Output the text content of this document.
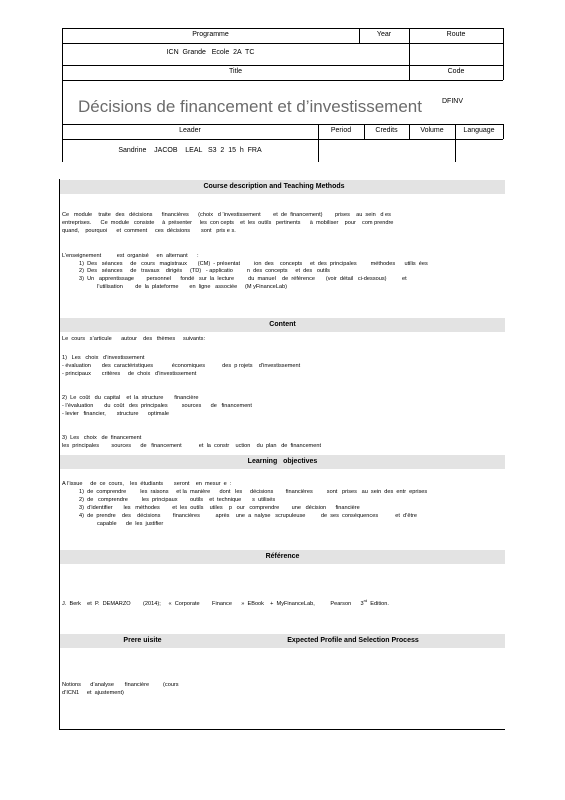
Programme	Year	Route
ICN  Grande   Ecole  2A  TC
Title	Code
Décisions de financement et d’investissement	DFINV
Leader	Period	Credits	Volume	Language
Sandrine    JACOB    LEAL   S3  2  15  h  FRA
Course description and Teaching Methods
Ce   module    traite   des   décisions      financières      (choix   d ’investissement        et  de  financement)        prises    au  sein   d es
entreprises.      Ce  module   consiste     à  présenter     les  con cepts    et  les  outils   pertinents      à  mobiliser    pour    com prendre
quand,    pourquoi      et  comment     ces  décisions       sont   pris e s.
L’enseignement          est  organisé     en  alternant      :
1)  Des   séances     de   cours   magistraux       (CM)  - présentat         ion  des    concepts     et  des  principales         méthodes      utilis  ées
2)  Des   séances     de   travaux    dirigés     (TD)   - applicatio         n  des  concepts     et  des   outils
3)  Un   apprentissage        personnel      fondé   sur  la  lecture         du  manuel    de  référence       (voir  détail   ci-dessous)          et
l’utilisation        de  la  plateforme       en  ligne   associée     (M yFinanceLab)
Content
Le  cours   s’articule      autour    des   thèmes     suivants:
1)   Les   choix   d’investissement
- évaluation       des  caractéristiques            économiques           des  p rojets    d’investissement
- principaux       critères     de  choix   d’investissement
2)  Le  coût   du  capital    et  la  structure       financière
- l’évaluation       du  coût   des  principales         sources      de   financement
- levier   financier,       structure      optimale
3)  Les   choix   de  financement
les  principales        sources      de   financement           et  la  constr    uction    du  plan   de  financement
Learning   objectives
A l’issue     de  ce  cours,    les  étudiants       seront    en  mesur  e  :
1)  de  comprendre         les  raisons     et la  manière      dont   les     décisions        financières         sont   prises   au  sein  des  entr  eprises
2)  de   comprendre         les  principaux        outils    et  technique       s  utilisés
3)  d’identifier       les   méthodes        et  les  outils    utiles    p   our   comprendre        une   décision      financière
4)  de  prendre    des    décisions        financières          après    une  a  nalyse   scrupuleuse          de  ses  conséquences           et  d’être
capable      de  les  justifier
Référence
J.  Berk    et  P.  DEMARZO        (2014);     «  Corporate        Finance      »  EBook    +  MyFinanceLab,          Pearson      3rd  Edition.
Prere uisite	Expected Profile and Selection Process
Notions      d’analyse       financière         (cours
d’ICN1     et  ajustement)
